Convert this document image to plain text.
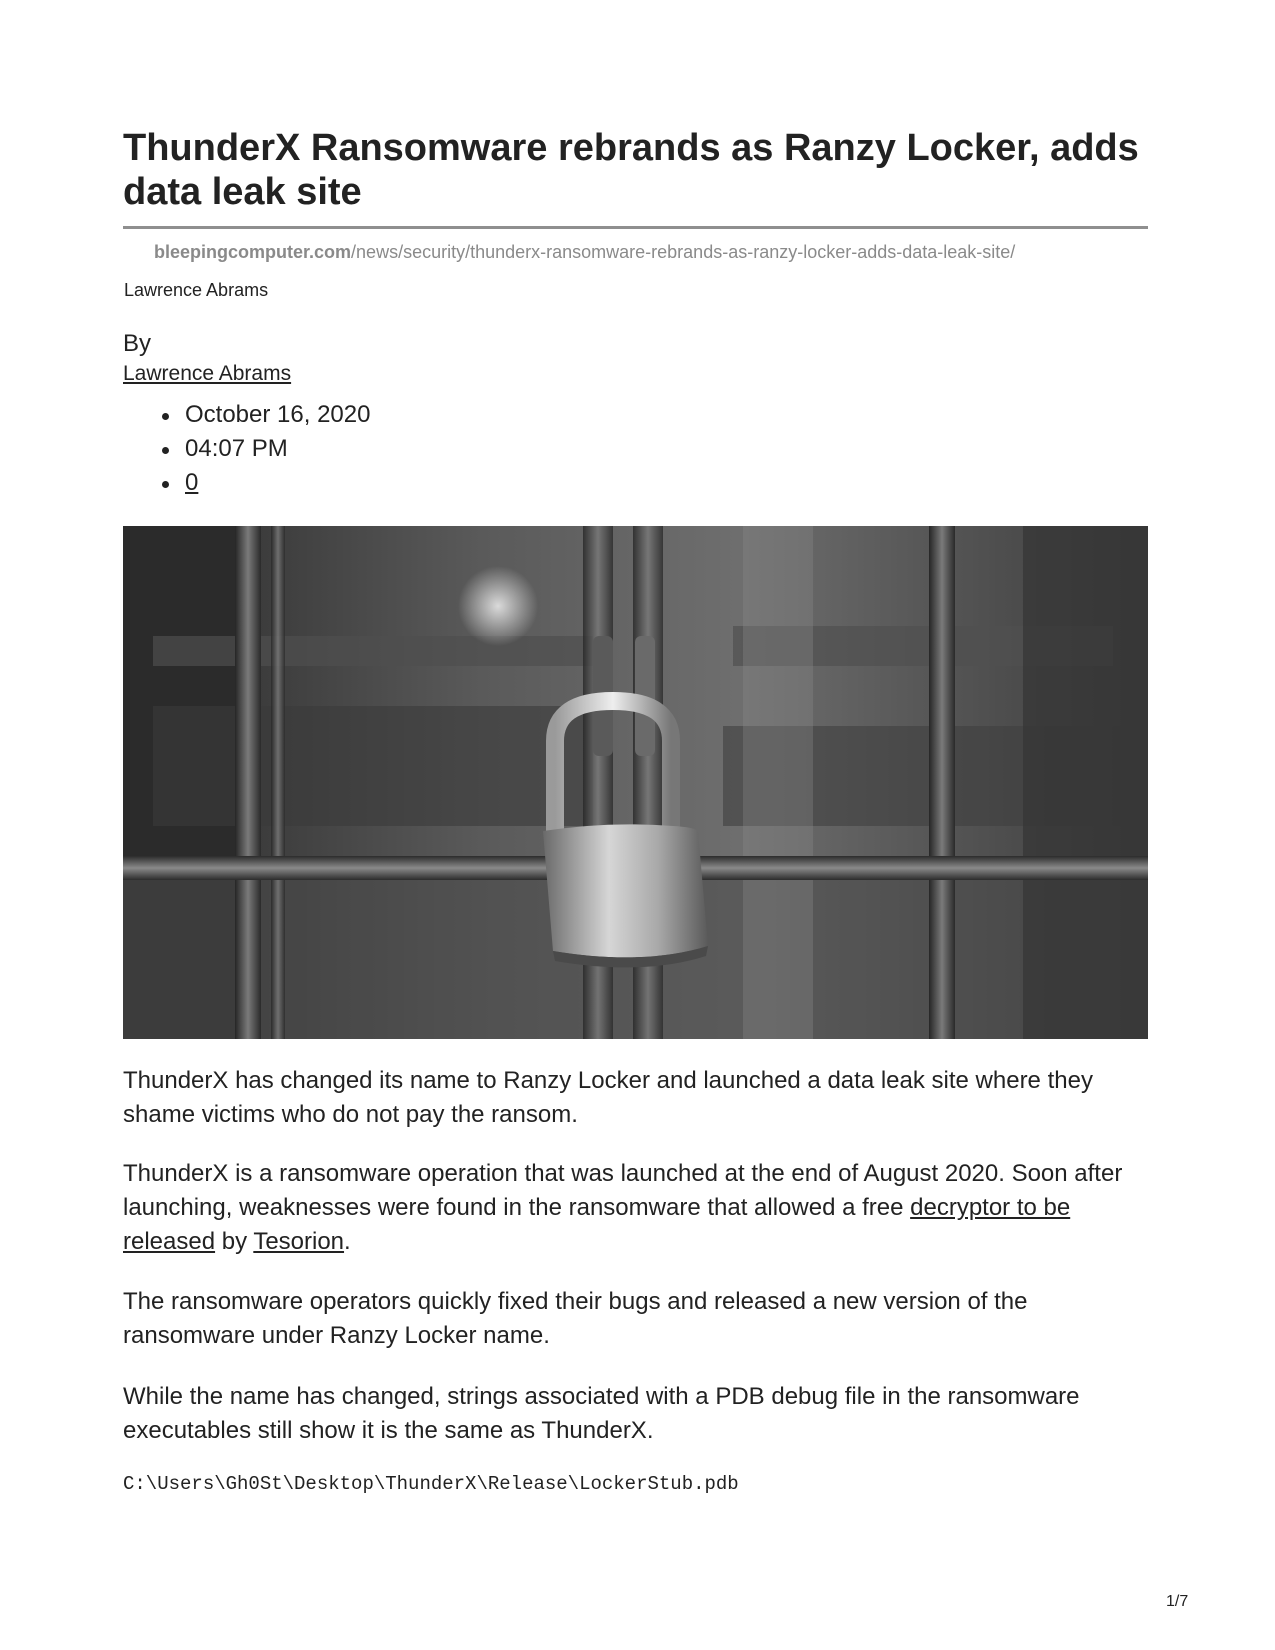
ThunderX Ransomware rebrands as Ranzy Locker, adds data leak site
bleepingcomputer.com/news/security/thunderx-ransomware-rebrands-as-ranzy-locker-adds-data-leak-site/
Lawrence Abrams
By
Lawrence Abrams
October 16, 2020
04:07 PM
0

ThunderX has changed its name to Ranzy Locker and launched a data leak site where they shame victims who do not pay the ransom.

ThunderX is a ransomware operation that was launched at the end of August 2020. Soon after launching, weaknesses were found in the ransomware that allowed a free decryptor to be released by Tesorion.

The ransomware operators quickly fixed their bugs and released a new version of the ransomware under Ranzy Locker name.

While the name has changed, strings associated with a PDB debug file in the ransomware executables still show it is the same as ThunderX.

C:\Users\Gh0St\Desktop\ThunderX\Release\LockerStub.pdb
1/7
